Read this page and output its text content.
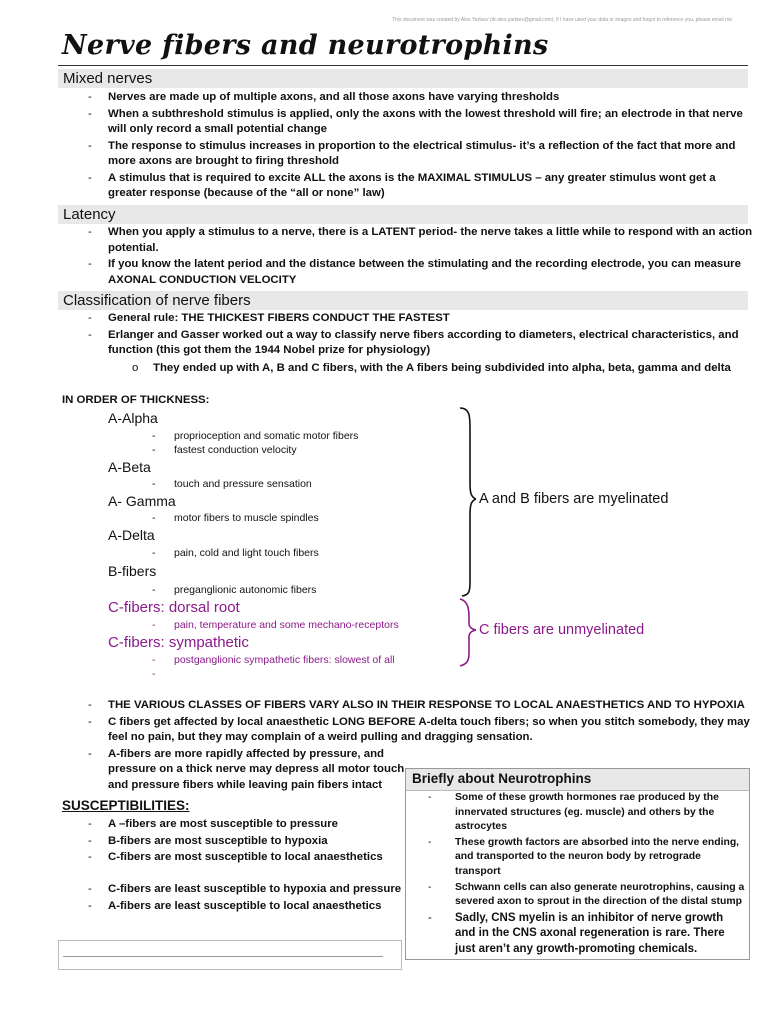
This document was created by Alex Yartsev (dr.alex.yartsev@gmail.com); if I have used your data or images and forgot to reference you, please email me.
Nerve fibers and neurotrophins
Mixed nerves
- Nerves are made up of multiple axons, and all those axons have varying thresholds
- When a subthreshold stimulus is applied, only the axons with the lowest threshold will fire; an electrode in that nerve will only record a small potential change
- The response to stimulus increases in proportion to the electrical stimulus- it’s a reflection of the fact that more and more axons are brought to firing threshold
- A stimulus that is required to excite ALL the axons is the MAXIMAL STIMULUS – any greater stimulus wont get a greater response (because of the “all or none” law)
Latency
- When you apply a stimulus to a nerve, there is a LATENT period- the nerve takes a little while to respond with an action potential.
- If you know the latent period and the distance between the stimulating and the recording electrode, you can measure AXONAL CONDUCTION VELOCITY
Classification of nerve fibers
- General rule: THE THICKEST FIBERS CONDUCT THE FASTEST
- Erlanger and Gasser worked out a way to classify nerve fibers according to diameters, electrical characteristics, and function (this got them the 1944 Nobel prize for physiology)
o They ended up with A, B and C fibers, with the A fibers being subdivided into alpha, beta, gamma and delta
IN ORDER OF THICKNESS:
A-Alpha
proprioception and somatic motor fibers
fastest conduction velocity
A-Beta
touch and pressure sensation
A- Gamma
motor fibers to muscle spindles
A-Delta
pain, cold and light touch fibers
B-fibers
preganglionic autonomic fibers
C-fibers: dorsal root
pain, temperature and some mechano-receptors
C-fibers: sympathetic
postganglionic sympathetic fibers: slowest of all
A and B fibers are myelinated
C fibers are unmyelinated
- THE VARIOUS CLASSES OF FIBERS VARY ALSO IN THEIR RESPONSE TO LOCAL ANAESTHETICS AND TO HYPOXIA
- C fibers get affected by local anaesthetic LONG BEFORE A-delta touch fibers; so when you stitch somebody, they may feel no pain, but they may complain of a weird pulling and dragging sensation.
- A-fibers are more rapidly affected by pressure, and pressure on a thick nerve may depress all motor touch and pressure fibers while leaving pain fibers intact
SUSCEPTIBILITIES:
- A –fibers are most susceptible to pressure
- B-fibers are most susceptible to hypoxia
- C-fibers are most susceptible to local anaesthetics
- C-fibers are least susceptible to hypoxia and pressure
- A-fibers are least susceptible to local anaesthetics
Briefly about Neurotrophins
- Some of these growth hormones rae produced by the innervated structures (eg. muscle) and others by the astrocytes
- These growth factors are absorbed into the nerve ending, and transported to the neuron body by retrograde transport
- Schwann cells can also generate neurotrophins, causing a severed axon to sprout in the direction of the distal stump
- Sadly, CNS myelin is an inhibitor of nerve growth and in the CNS axonal regeneration is rare. There just aren’t any growth-promoting chemicals.
